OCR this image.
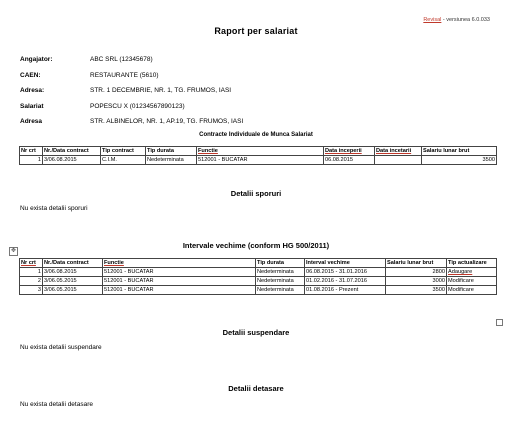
Revisal - versiunea 6.0.033
Raport per salariat
Angajator:	ABC SRL (12345678)
CAEN:	RESTAURANTE (5610)
Adresa:	STR. 1 DECEMBRIE, NR. 1, TG. FRUMOS, IASI
Salariat	POPESCU X (01234567890123)
Adresa	STR. ALBINELOR, NR. 1, AP.19, TG. FRUMOS, IASI
Contracte Individuale de Munca Salariat
Nr crt	Nr./Data contract	Tip contract	Tip durata	Functie	Data inceperii	Data incetarii	Salariu lunar brut
1	3/06.08.2015	C.I.M.	Nedeterminata	512001 - BUCATAR	06.08.2015		3500
Detalii sporuri
Nu exista detalii sporuri
✥
Intervale vechime (conform HG 500/2011)
Nr crt	Nr./Data contract	Functie	Tip durata	Interval vechime	Salariu lunar brut	Tip actualizare
1	3/06.08.2015	512001 - BUCATAR	Nedeterminata	06.08.2015 - 31.01.2016	2800	Adaugare
2	3/06.05.2015	512001 - BUCATAR	Nedeterminata	01.02.2016 - 31.07.2016	3000	Modificare
3	3/06.05.2015	512001 - BUCATAR	Nedeterminata	01.08.2016 - Prezent	3500	Modificare
Detalii suspendare
Nu exista detalii suspendare
Detalii detasare
Nu exista detalii detasare
